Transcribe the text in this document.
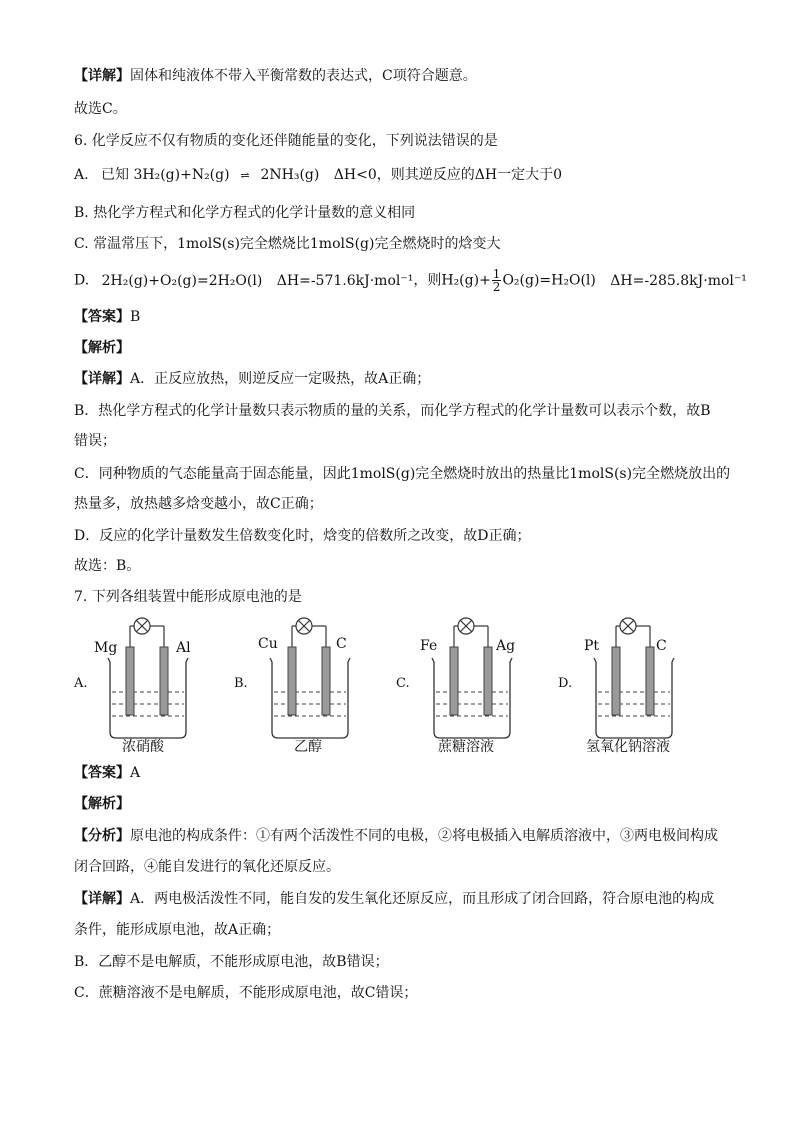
【详解】固体和纯液体不带入平衡常数的表达式，C项符合题意。
故选C。
6. 化学反应不仅有物质的变化还伴随能量的变化，下列说法错误的是
A. 已知 3H₂(g)+N₂(g) ⇌ 2NH₃(g) ΔH<0，则其逆反应的ΔH一定大于0
B. 热化学方程式和化学方程式的化学计量数的意义相同
C. 常温常压下，1molS(s)完全燃烧比1molS(g)完全燃烧时的焓变大
D. 2H₂(g)+O₂(g)=2H₂O(l) ΔH=-571.6kJ·mol⁻¹，则$H_2(g)+ \frac{1}{2} O_2(g)=H_2O(l)$ ΔH=-285.8kJ·mol⁻¹
【答案】B
【解析】
【详解】A．正反应放热，则逆反应一定吸热，故A正确；
B．热化学方程式的化学计量数只表示物质的量的关系，而化学方程式的化学计量数可以表示个数，故B
错误；
C．同种物质的气态能量高于固态能量，因此1molS(g)完全燃烧时放出的热量比1molS(s)完全燃烧放出的
热量多，放热越多焓变越小，故C正确；
D．反应的化学计量数发生倍数变化时，焓变的倍数所之改变，故D正确；
故选：B。
7. 下列各组装置中能形成原电池的是
A.
Mg	Al
浓硝酸
B.
Cu	C
乙醇
C.
Fe	Ag
蔗糖溶液
D.
Pt	C
氢氧化钠溶液
【答案】A
【解析】
【分析】原电池的构成条件：①有两个活泼性不同的电极，②将电极插入电解质溶液中，③两电极间构成
闭合回路，④能自发进行的氧化还原反应。
【详解】A．两电极活泼性不同，能自发的发生氧化还原反应，而且形成了闭合回路，符合原电池的构成
条件，能形成原电池，故A正确；
B．乙醇不是电解质，不能形成原电池，故B错误；
C．蔗糖溶液不是电解质，不能形成原电池，故C错误；
